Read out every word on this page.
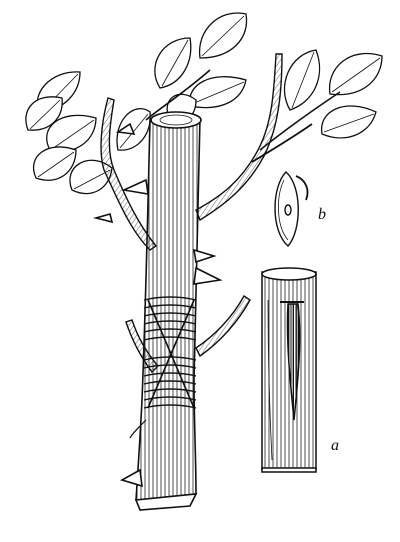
a
b
